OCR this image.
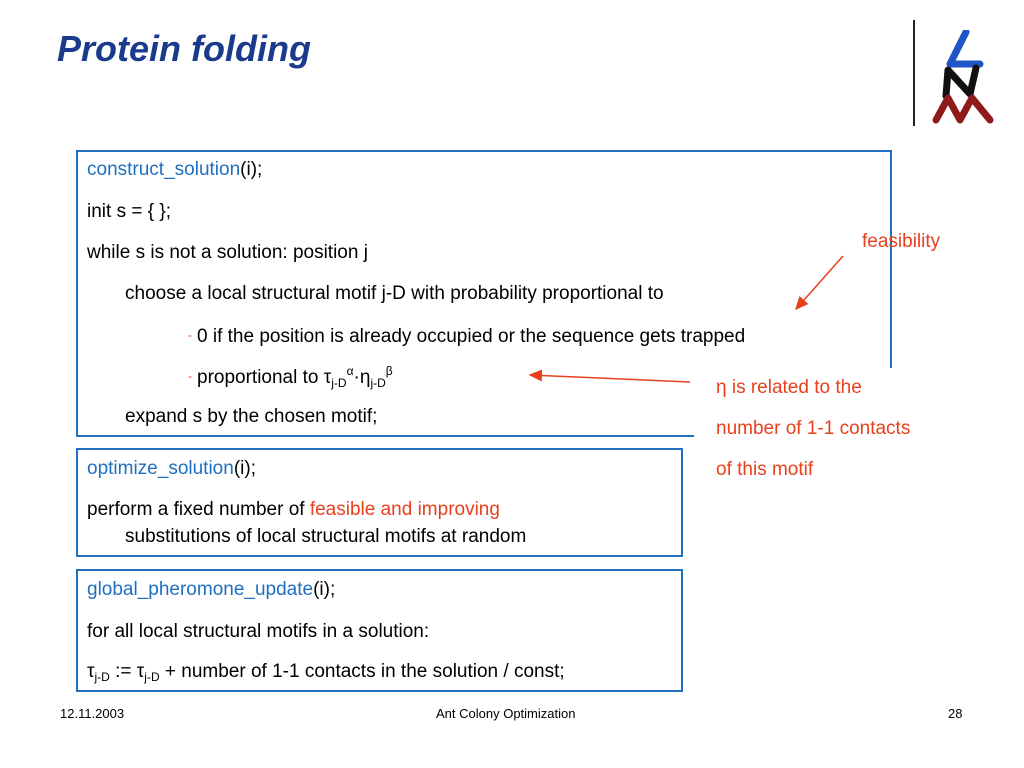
Protein folding
construct_solution(i);
init s = { };
while s is not a solution: position j
choose a local structural motif j-D with probability proportional to
- 0 if the position is already occupied or the sequence gets trapped
- proportional to $\tau_{j-D}^\alpha\cdot\eta_{j-D}^\beta$
expand s by the chosen motif;
optimize_solution(i);
perform a fixed number of feasible and improving
substitutions of local structural motifs at random
global_pheromone_update(i);
for all local structural motifs in a solution:
$\tau_{j-D}$ := $\tau_{j-D}$ + number of 1-1 contacts in the solution / const;
feasibility
η is related to the
number of 1-1 contacts
of this motif
12.11.2003	Ant Colony Optimization	28
